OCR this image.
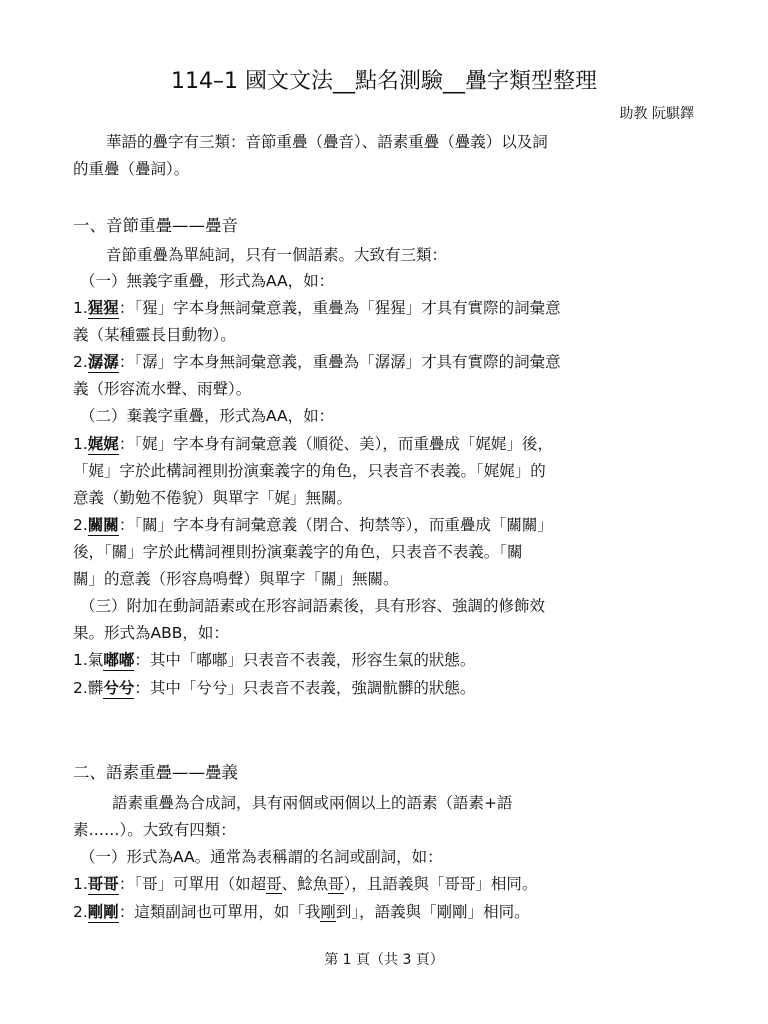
114–1 國文文法__點名測驗__疊字類型整理
助教 阮騏鐸
華語的疊字有三類：音節重疊（疊音）、語素重疊（疊義）以及詞
的重疊（疊詞）。
一、音節重疊——疊音
音節重疊為單純詞，只有一個語素。大致有三類：
（一）無義字重疊，形式為AA，如：
1.猩猩：「猩」字本身無詞彙意義，重疊為「猩猩」才具有實際的詞彙意
義（某種靈長目動物）。
2.潺潺：「潺」字本身無詞彙意義，重疊為「潺潺」才具有實際的詞彙意
義（形容流水聲、雨聲）。
（二）棄義字重疊，形式為AA，如：
1.娓娓：「娓」字本身有詞彙意義（順從、美），而重疊成「娓娓」後，
「娓」字於此構詞裡則扮演棄義字的角色，只表音不表義。「娓娓」的
意義（勤勉不倦貌）與單字「娓」無關。
2.關關：「關」字本身有詞彙意義（閉合、拘禁等），而重疊成「關關」
後，「關」字於此構詞裡則扮演棄義字的角色，只表音不表義。「關
關」的意義（形容鳥鳴聲）與單字「關」無關。
（三）附加在動詞語素或在形容詞語素後，具有形容、強調的修飾效
果。形式為ABB，如：
1.氣嘟嘟：其中「嘟嘟」只表音不表義，形容生氣的狀態。
2.髒兮兮：其中「兮兮」只表音不表義，強調骯髒的狀態。
二、語素重疊——疊義
語素重疊為合成詞，具有兩個或兩個以上的語素（語素+語
素……）。大致有四類：
（一）形式為AA。通常為表稱謂的名詞或副詞，如：
1.哥哥：「哥」可單用（如超哥、鯰魚哥），且語義與「哥哥」相同。
2.剛剛：這類副詞也可單用，如「我剛到」，語義與「剛剛」相同。
第 1 頁（共 3 頁）
